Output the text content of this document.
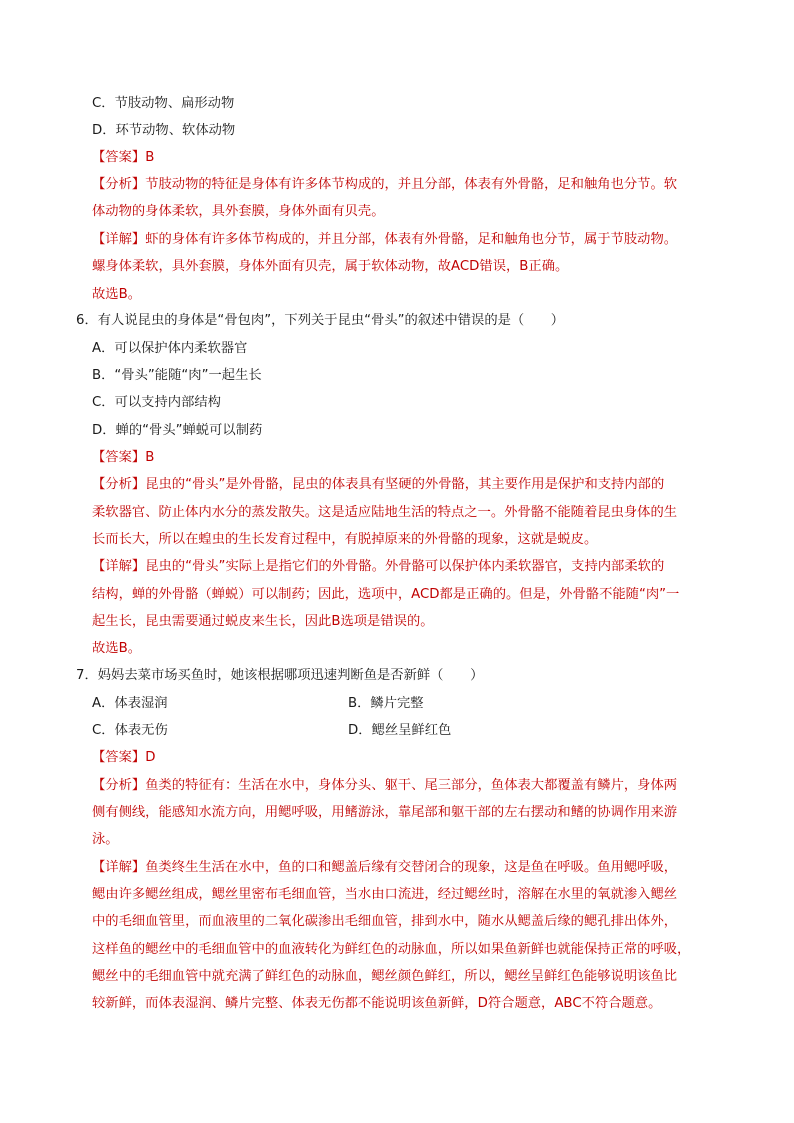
C．节肢动物、扁形动物
D．环节动物、软体动物
【答案】B
【分析】节肢动物的特征是身体有许多体节构成的，并且分部，体表有外骨骼，足和触角也分节。软
体动物的身体柔软，具外套膜，身体外面有贝壳。
【详解】虾的身体有许多体节构成的，并且分部，体表有外骨骼，足和触角也分节，属于节肢动物。
螺身体柔软，具外套膜，身体外面有贝壳，属于软体动物，故ACD错误，B正确。
故选B。
6．有人说昆虫的身体是“骨包肉”，下列关于昆虫“骨头”的叙述中错误的是（　　）
A．可以保护体内柔软器官
B．“骨头”能随“肉”一起生长
C．可以支持内部结构
D．蝉的“骨头”蝉蜕可以制药
【答案】B
【分析】昆虫的“骨头”是外骨骼，昆虫的体表具有坚硬的外骨骼，其主要作用是保护和支持内部的
柔软器官、防止体内水分的蒸发散失。这是适应陆地生活的特点之一。外骨骼不能随着昆虫身体的生
长而长大，所以在蝗虫的生长发育过程中，有脱掉原来的外骨骼的现象，这就是蜕皮。
【详解】昆虫的“骨头”实际上是指它们的外骨骼。外骨骼可以保护体内柔软器官，支持内部柔软的
结构，蝉的外骨骼（蝉蜕）可以制药；因此，选项中，ACD都是正确的。但是，外骨骼不能随“肉”一
起生长，昆虫需要通过蜕皮来生长，因此B选项是错误的。
故选B。
7．妈妈去菜市场买鱼时，她该根据哪项迅速判断鱼是否新鲜（　　）
A．体表湿润	B．鳞片完整
C．体表无伤	D．鳃丝呈鲜红色
【答案】D
【分析】鱼类的特征有：生活在水中，身体分头、躯干、尾三部分，鱼体表大都覆盖有鳞片，身体两
侧有侧线，能感知水流方向，用鳃呼吸，用鳍游泳，靠尾部和躯干部的左右摆动和鳍的协调作用来游
泳。
【详解】鱼类终生生活在水中，鱼的口和鳃盖后缘有交替闭合的现象，这是鱼在呼吸。鱼用鳃呼吸，
鳃由许多鳃丝组成，鳃丝里密布毛细血管，当水由口流进，经过鳃丝时，溶解在水里的氧就渗入鳃丝
中的毛细血管里，而血液里的二氧化碳渗出毛细血管，排到水中，随水从鳃盖后缘的鳃孔排出体外，
这样鱼的鳃丝中的毛细血管中的血液转化为鲜红色的动脉血，所以如果鱼新鲜也就能保持正常的呼吸，
鳃丝中的毛细血管中就充满了鲜红色的动脉血，鳃丝颜色鲜红，所以，鳃丝呈鲜红色能够说明该鱼比
较新鲜，而体表湿润、鳞片完整、体表无伤都不能说明该鱼新鲜，D符合题意，ABC不符合题意。
